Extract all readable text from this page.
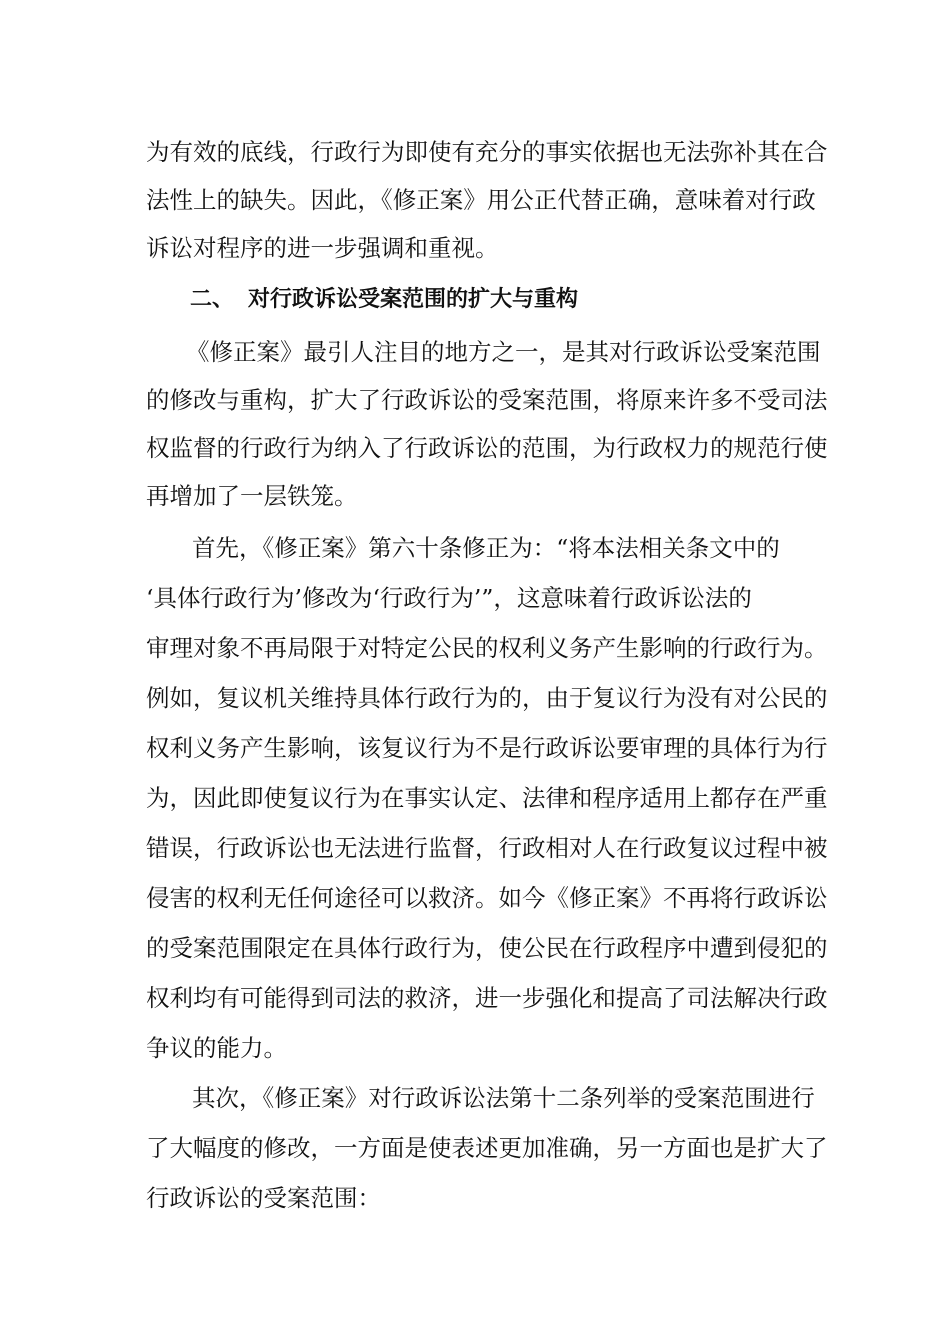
为有效的底线，行政行为即使有充分的事实依据也无法弥补其在合
法性上的缺失。因此，《修正案》用公正代替正确，意味着对行政
诉讼对程序的进一步强调和重视。
二、 对行政诉讼受案范围的扩大与重构
《修正案》最引人注目的地方之一，是其对行政诉讼受案范围
的修改与重构，扩大了行政诉讼的受案范围，将原来许多不受司法
权监督的行政行为纳入了行政诉讼的范围，为行政权力的规范行使
再增加了一层铁笼。
首先，《修正案》第六十条修正为：“将本法相关条文中的
‘具体行政行为’修改为‘行政行为’”，这意味着行政诉讼法的
审理对象不再局限于对特定公民的权利义务产生影响的行政行为。
例如，复议机关维持具体行政行为的，由于复议行为没有对公民的
权利义务产生影响，该复议行为不是行政诉讼要审理的具体行为行
为，因此即使复议行为在事实认定、法律和程序适用上都存在严重
错误，行政诉讼也无法进行监督，行政相对人在行政复议过程中被
侵害的权利无任何途径可以救济。如今《修正案》不再将行政诉讼
的受案范围限定在具体行政行为，使公民在行政程序中遭到侵犯的
权利均有可能得到司法的救济，进一步强化和提高了司法解决行政
争议的能力。
其次，《修正案》对行政诉讼法第十二条列举的受案范围进行
了大幅度的修改，一方面是使表述更加准确，另一方面也是扩大了
行政诉讼的受案范围：
